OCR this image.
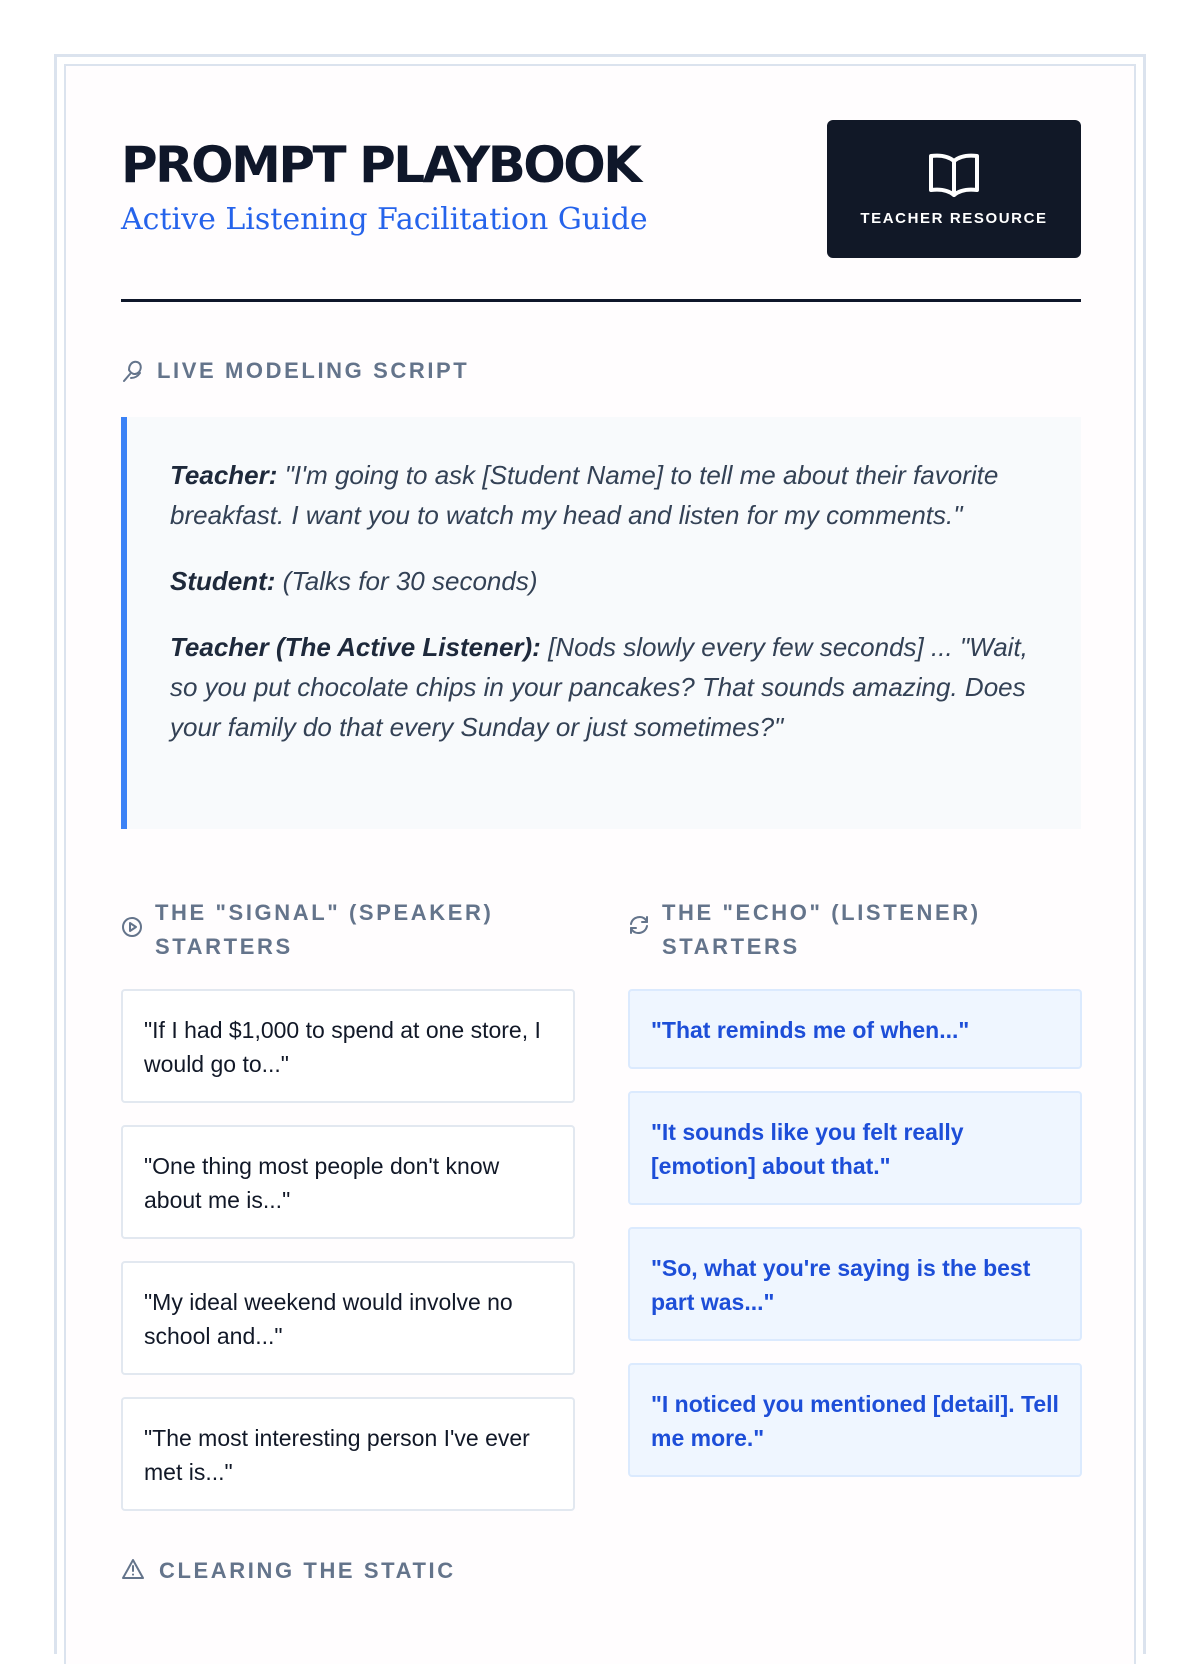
PROMPT PLAYBOOK
Active Listening Facilitation Guide	TEACHER RESOURCE
LIVE MODELING SCRIPT

Teacher: "I'm going to ask [Student Name] to tell me about their favorite breakfast. I want you to watch my head and listen for my comments."

Student: (Talks for 30 seconds)

Teacher (The Active Listener): [Nods slowly every few seconds] ... "Wait, so you put chocolate chips in your pancakes? That sounds amazing. Does your family do that every Sunday or just sometimes?"

THE "SIGNAL" (SPEAKER) STARTERS
"If I had $1,000 to spend at one store, I would go to..."
"One thing most people don't know about me is..."
"My ideal weekend would involve no school and..."
"The most interesting person I've ever met is..."
THE "ECHO" (LISTENER) STARTERS
"That reminds me of when..."
"It sounds like you felt really [emotion] about that."
"So, what you're saying is the best part was..."
"I noticed you mentioned [detail]. Tell me more."
CLEARING THE STATIC
